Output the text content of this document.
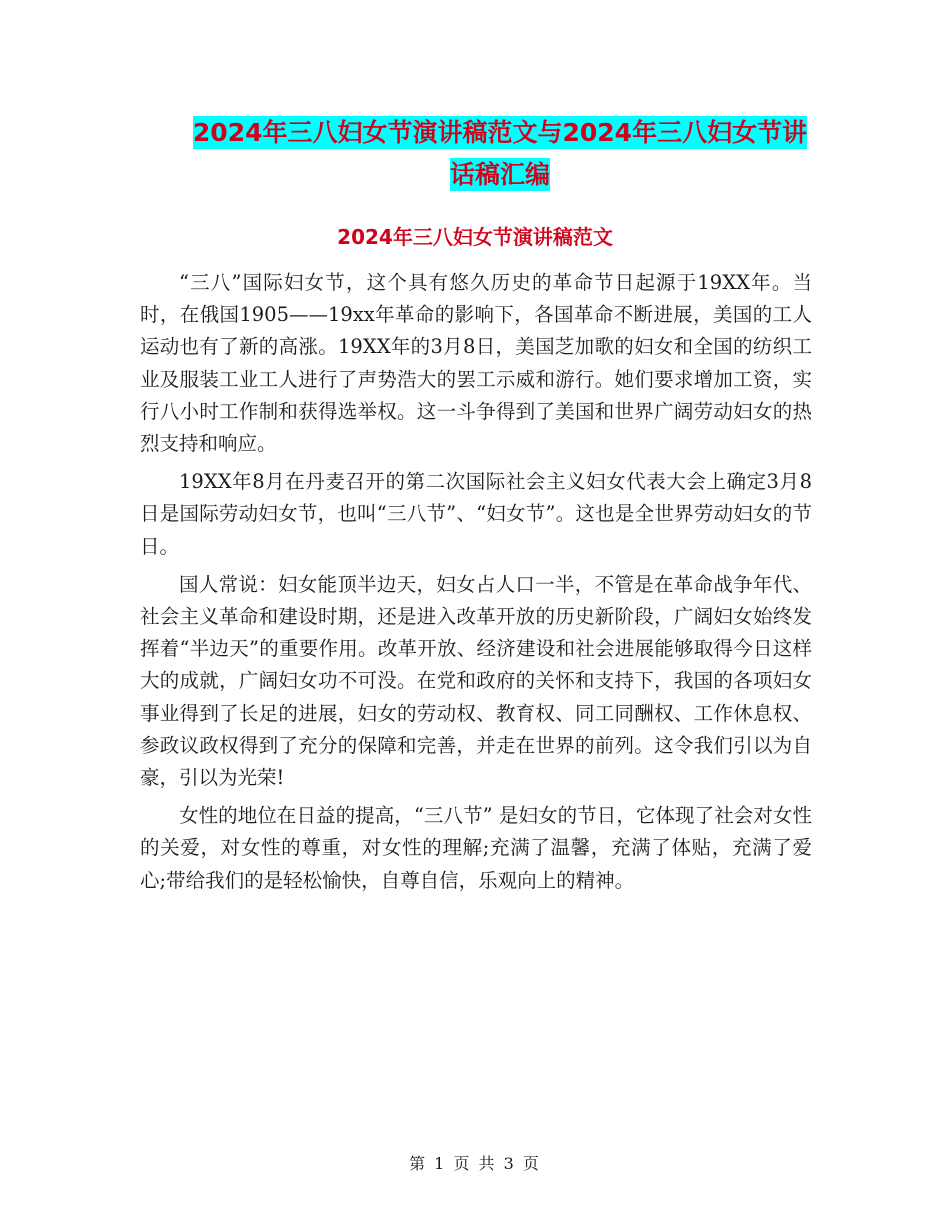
2024年三八妇女节演讲稿范文与2024年三八妇女节讲
话稿汇编
2024年三八妇女节演讲稿范文

“三八”国际妇女节，这个具有悠久历史的革命节日起源于19XX年。当时，在俄国1905——19xx年革命的影响下，各国革命不断进展，美国的工人运动也有了新的高涨。19XX年的3月8日，美国芝加歌的妇女和全国的纺织工业及服装工业工人进行了声势浩大的罢工示威和游行。她们要求增加工资，实行八小时工作制和获得选举权。这一斗争得到了美国和世界广阔劳动妇女的热烈支持和响应。

19XX年8月在丹麦召开的第二次国际社会主义妇女代表大会上确定3月8日是国际劳动妇女节，也叫“三八节”、“妇女节”。这也是全世界劳动妇女的节日。

国人常说：妇女能顶半边天，妇女占人口一半，不管是在革命战争年代、社会主义革命和建设时期，还是进入改革开放的历史新阶段，广阔妇女始终发挥着“半边天”的重要作用。改革开放、经济建设和社会进展能够取得今日这样大的成就，广阔妇女功不可没。在党和政府的关怀和支持下，我国的各项妇女事业得到了长足的进展，妇女的劳动权、教育权、同工同酬权、工作休息权、参政议政权得到了充分的保障和完善，并走在世界的前列。这令我们引以为自豪，引以为光荣!

女性的地位在日益的提高，“三八节” 是妇女的节日，它体现了社会对女性的关爱，对女性的尊重，对女性的理解;充满了温馨，充满了体贴，充满了爱心;带给我们的是轻松愉快，自尊自信，乐观向上的精神。

第 1 页 共 3 页
